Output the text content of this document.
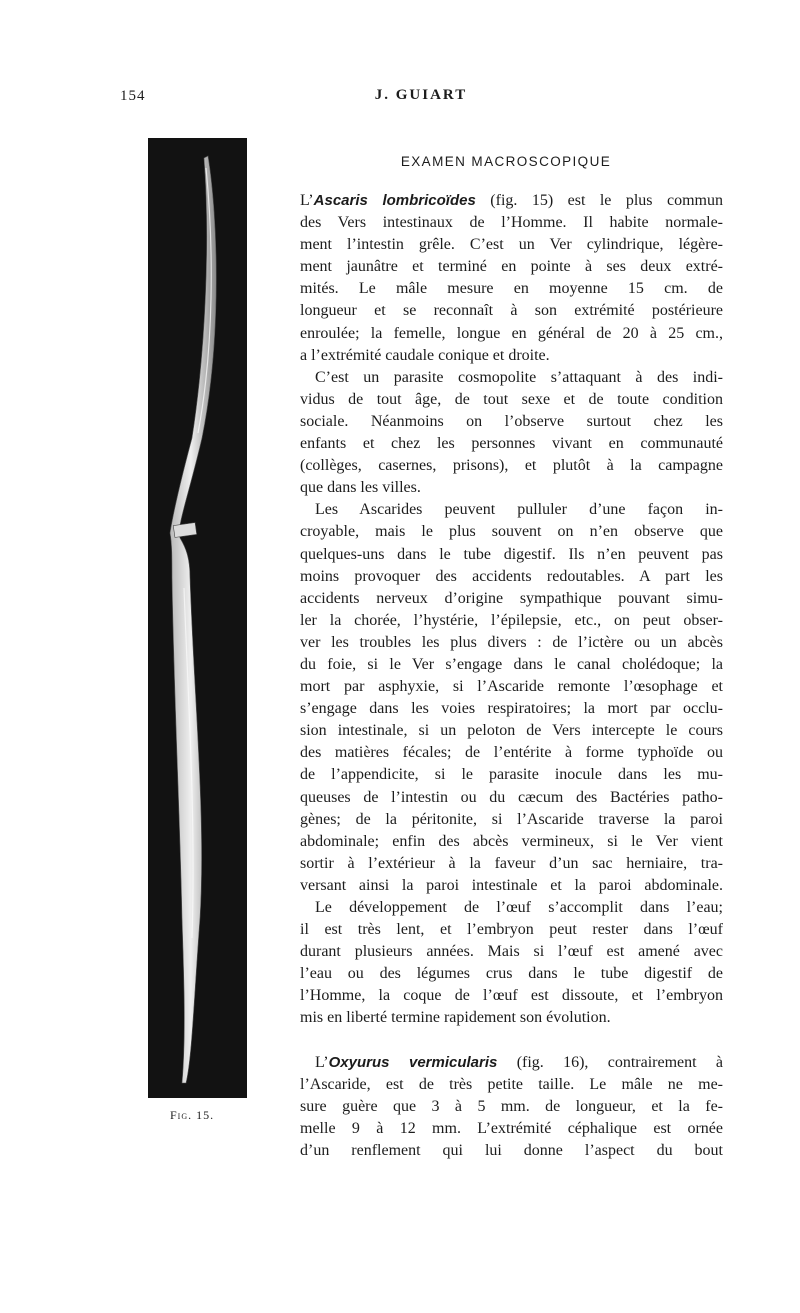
154	J. GUIART
Fig. 15.
EXAMEN MACROSCOPIQUE
L’Ascaris lombricoïdes (fig. 15) est le plus commun
des Vers intestinaux de l’Homme. Il habite normale-
ment l’intestin grêle. C’est un Ver cylindrique, légère-
ment jaunâtre et terminé en pointe à ses deux extré-
mités. Le mâle mesure en moyenne 15 cm. de
longueur et se reconnaît à son extrémité postérieure
enroulée; la femelle, longue en général de 20 à 25 cm.,
a l’extrémité caudale conique et droite.
C’est un parasite cosmopolite s’attaquant à des indi-
vidus de tout âge, de tout sexe et de toute condition
sociale. Néanmoins on l’observe surtout chez les
enfants et chez les personnes vivant en communauté
(collèges, casernes, prisons), et plutôt à la campagne
que dans les villes.
Les Ascarides peuvent pulluler d’une façon in-
croyable, mais le plus souvent on n’en observe que
quelques-uns dans le tube digestif. Ils n’en peuvent pas
moins provoquer des accidents redoutables. A part les
accidents nerveux d’origine sympathique pouvant simu-
ler la chorée, l’hystérie, l’épilepsie, etc., on peut obser-
ver les troubles les plus divers : de l’ictère ou un abcès
du foie, si le Ver s’engage dans le canal cholédoque; la
mort par asphyxie, si l’Ascaride remonte l’œsophage et
s’engage dans les voies respiratoires; la mort par occlu-
sion intestinale, si un peloton de Vers intercepte le cours
des matières fécales; de l’entérite à forme typhoïde ou
de l’appendicite, si le parasite inocule dans les mu-
queuses de l’intestin ou du cæcum des Bactéries patho-
gènes; de la péritonite, si l’Ascaride traverse la paroi
abdominale; enfin des abcès vermineux, si le Ver vient
sortir à l’extérieur à la faveur d’un sac herniaire, tra-
versant ainsi la paroi intestinale et la paroi abdominale.
Le développement de l’œuf s’accomplit dans l’eau;
il est très lent, et l’embryon peut rester dans l’œuf
durant plusieurs années. Mais si l’œuf est amené avec
l’eau ou des légumes crus dans le tube digestif de
l’Homme, la coque de l’œuf est dissoute, et l’embryon
mis en liberté termine rapidement son évolution.
L’Oxyurus vermicularis (fig. 16), contrairement à
l’Ascaride, est de très petite taille. Le mâle ne me-
sure guère que 3 à 5 mm. de longueur, et la fe-
melle 9 à 12 mm. L’extrémité céphalique est ornée
d’un renflement qui lui donne l’aspect du bout
